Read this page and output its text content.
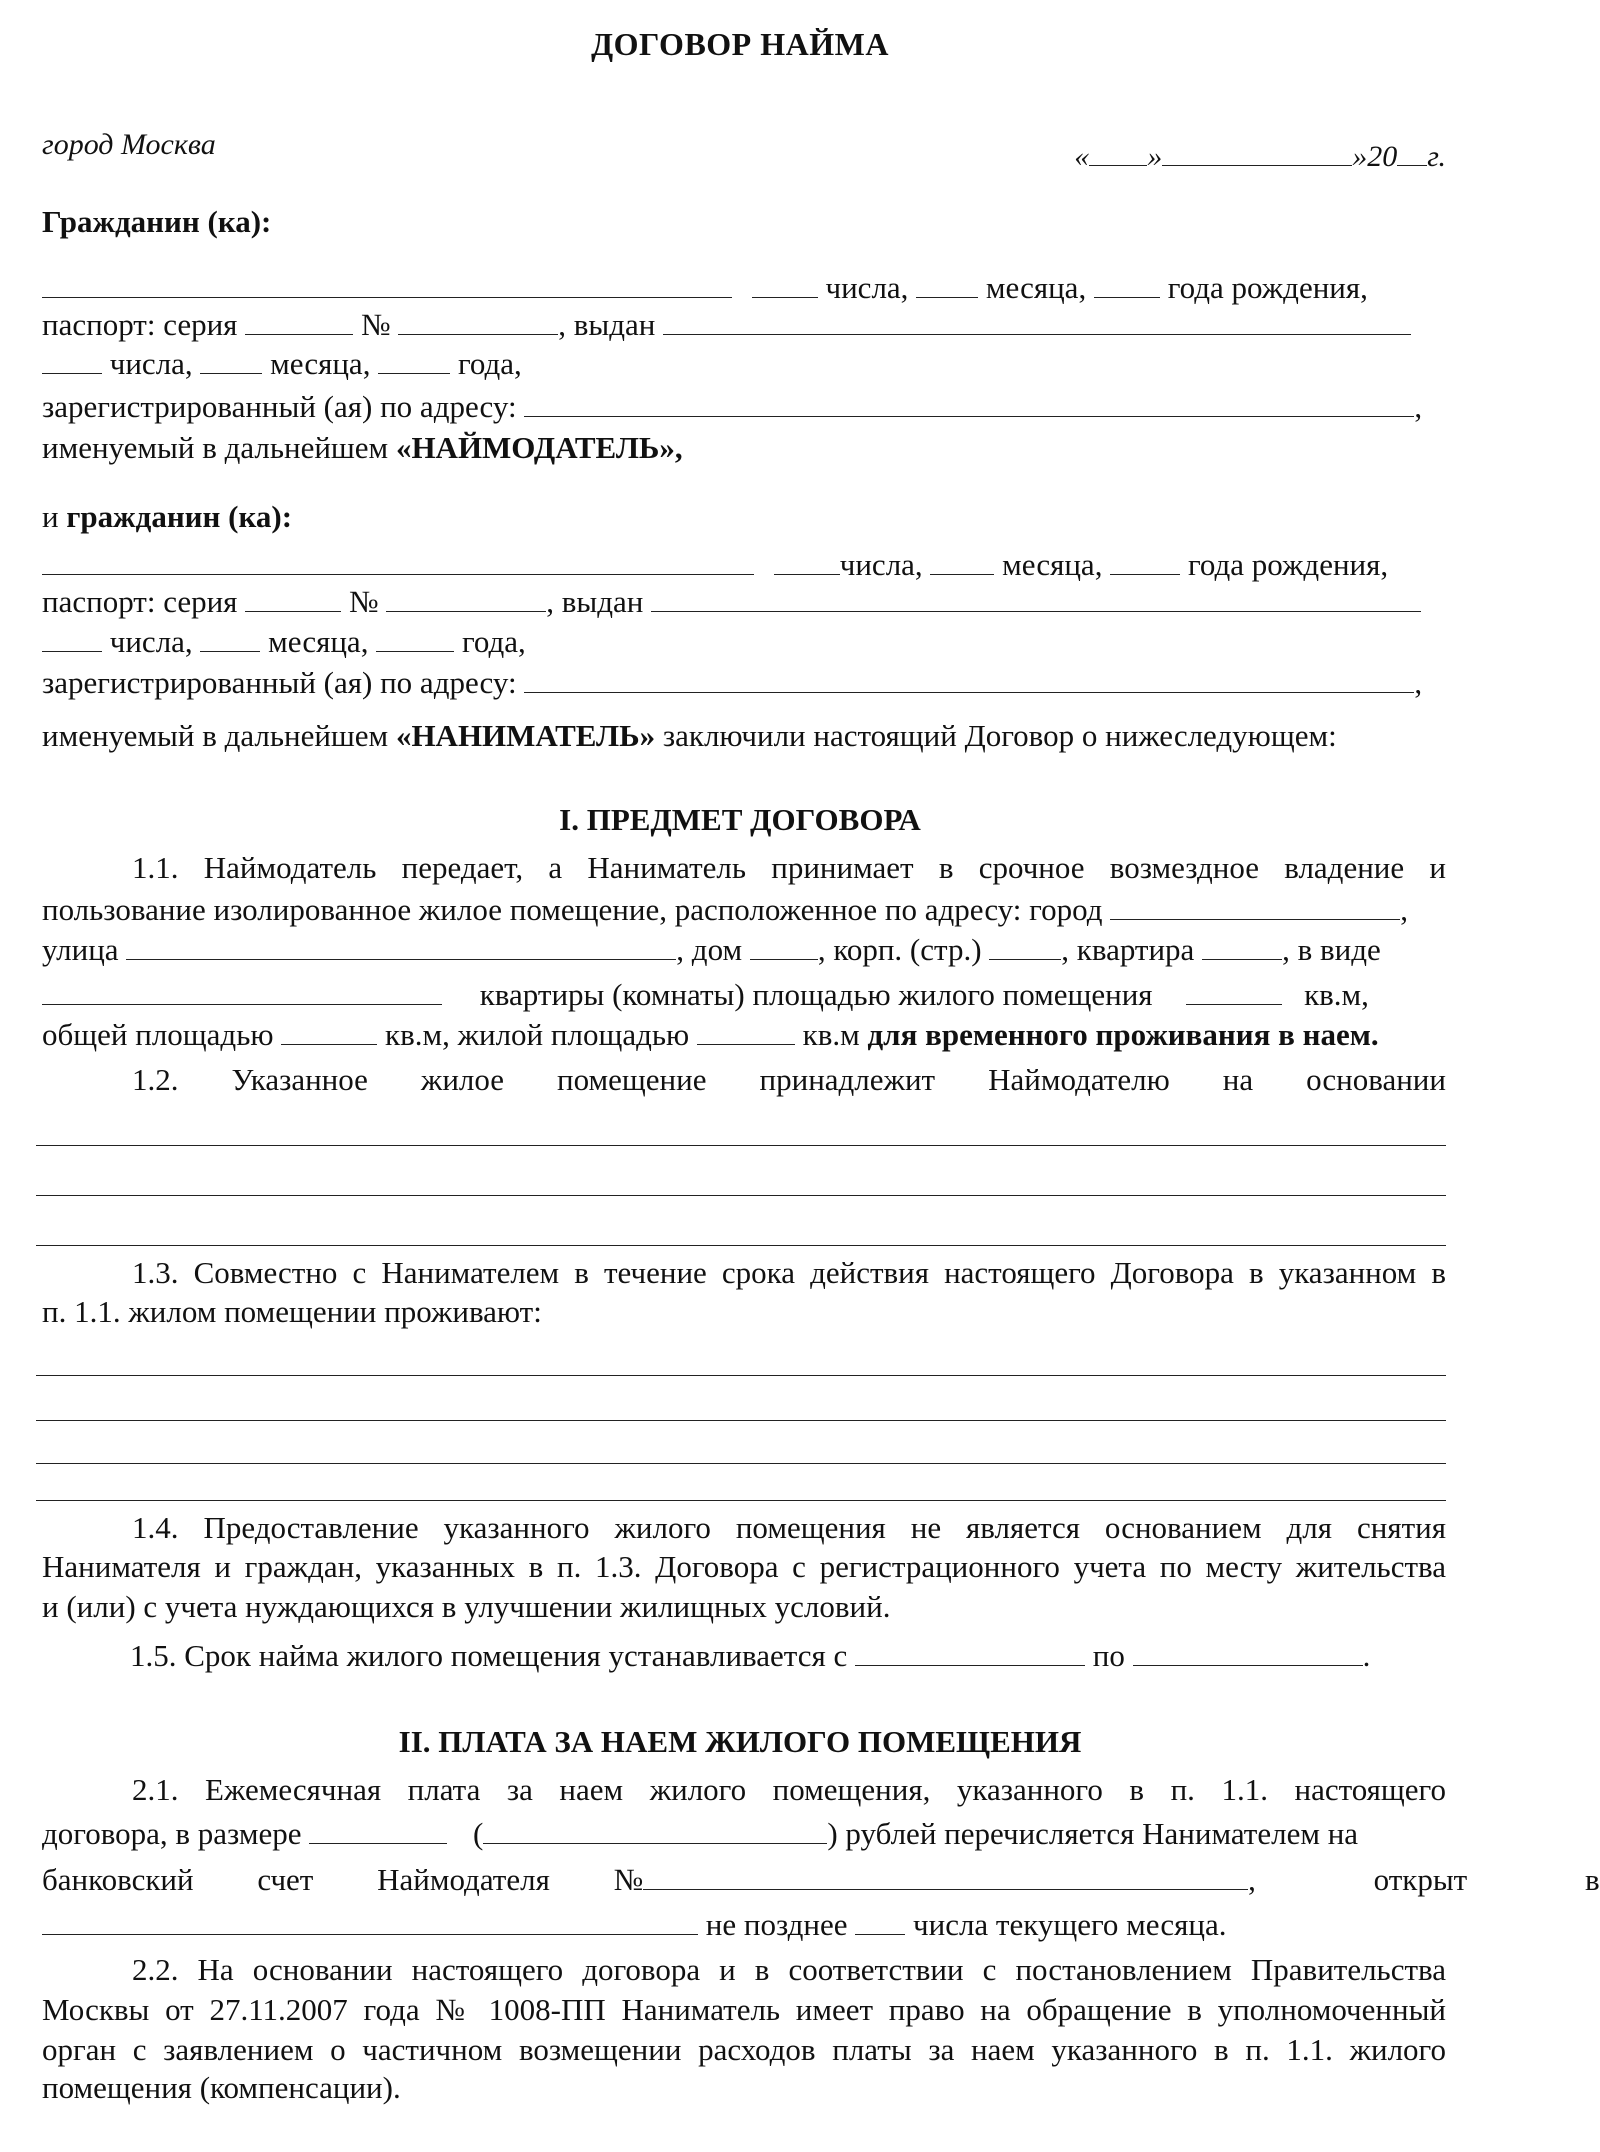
ДОГОВОР НАЙМА
город Москва	« »	»20 г.
Гражданин (ка):
числа,	месяца,	года рождения,
паспорт: серия	№	, выдан
числа,	месяца,	года,
зарегистрированный (ая) по адресу:	,
именуемый в дальнейшем «НАЙМОДАТЕЛЬ»,
и гражданин (ка):
числа,	месяца,	года рождения,
паспорт: серия	№	, выдан
числа, месяца,	года,
зарегистрированный (ая) по адресу:	,
именуемый в дальнейшем «НАНИМАТЕЛЬ» заключили настоящий Договор о нижеследующем:
I. ПРЕДМЕТ ДОГОВОРА
1.1. Наймодатель передает, а Наниматель принимает в срочное возмездное владение и
пользование изолированное жилое помещение, расположенное по адресу: город	,
улица	, дом , корп. (стр.)	, квартира	, в виде
квартиры (комнаты) площадью жилого помещения	кв.м,
общей площадью	кв.м, жилой площадью	кв.м для временного проживания в наем.
1.2. Указанное жилое помещение принадлежит Наймодателю на основании
1.3. Совместно с Нанимателем в течение срока действия настоящего Договора в указанном в
п. 1.1. жилом помещении проживают:
1.4. Предоставление указанного жилого помещения не является основанием для снятия
Нанимателя и граждан, указанных в п. 1.3. Договора с регистрационного учета по месту жительства
и (или) с учета нуждающихся в улучшении жилищных условий.
1.5. Срок найма жилого помещения устанавливается с	по	.
II. ПЛАТА ЗА НАЕМ ЖИЛОГО ПОМЕЩЕНИЯ
2.1. Ежемесячная плата за наем жилого помещения, указанного в п. 1.1. настоящего
договора, в размере	(	) рублей перечисляется Нанимателем на
банковский счет Наймодателя №	, открыт в
не позднее числа текущего месяца.
2.2. На основании настоящего договора и в соответствии с постановлением Правительства
Москвы от 27.11.2007 года № 1008-ПП Наниматель имеет право на обращение в уполномоченный
орган с заявлением о частичном возмещении расходов платы за наем указанного в п. 1.1. жилого
помещения (компенсации).
